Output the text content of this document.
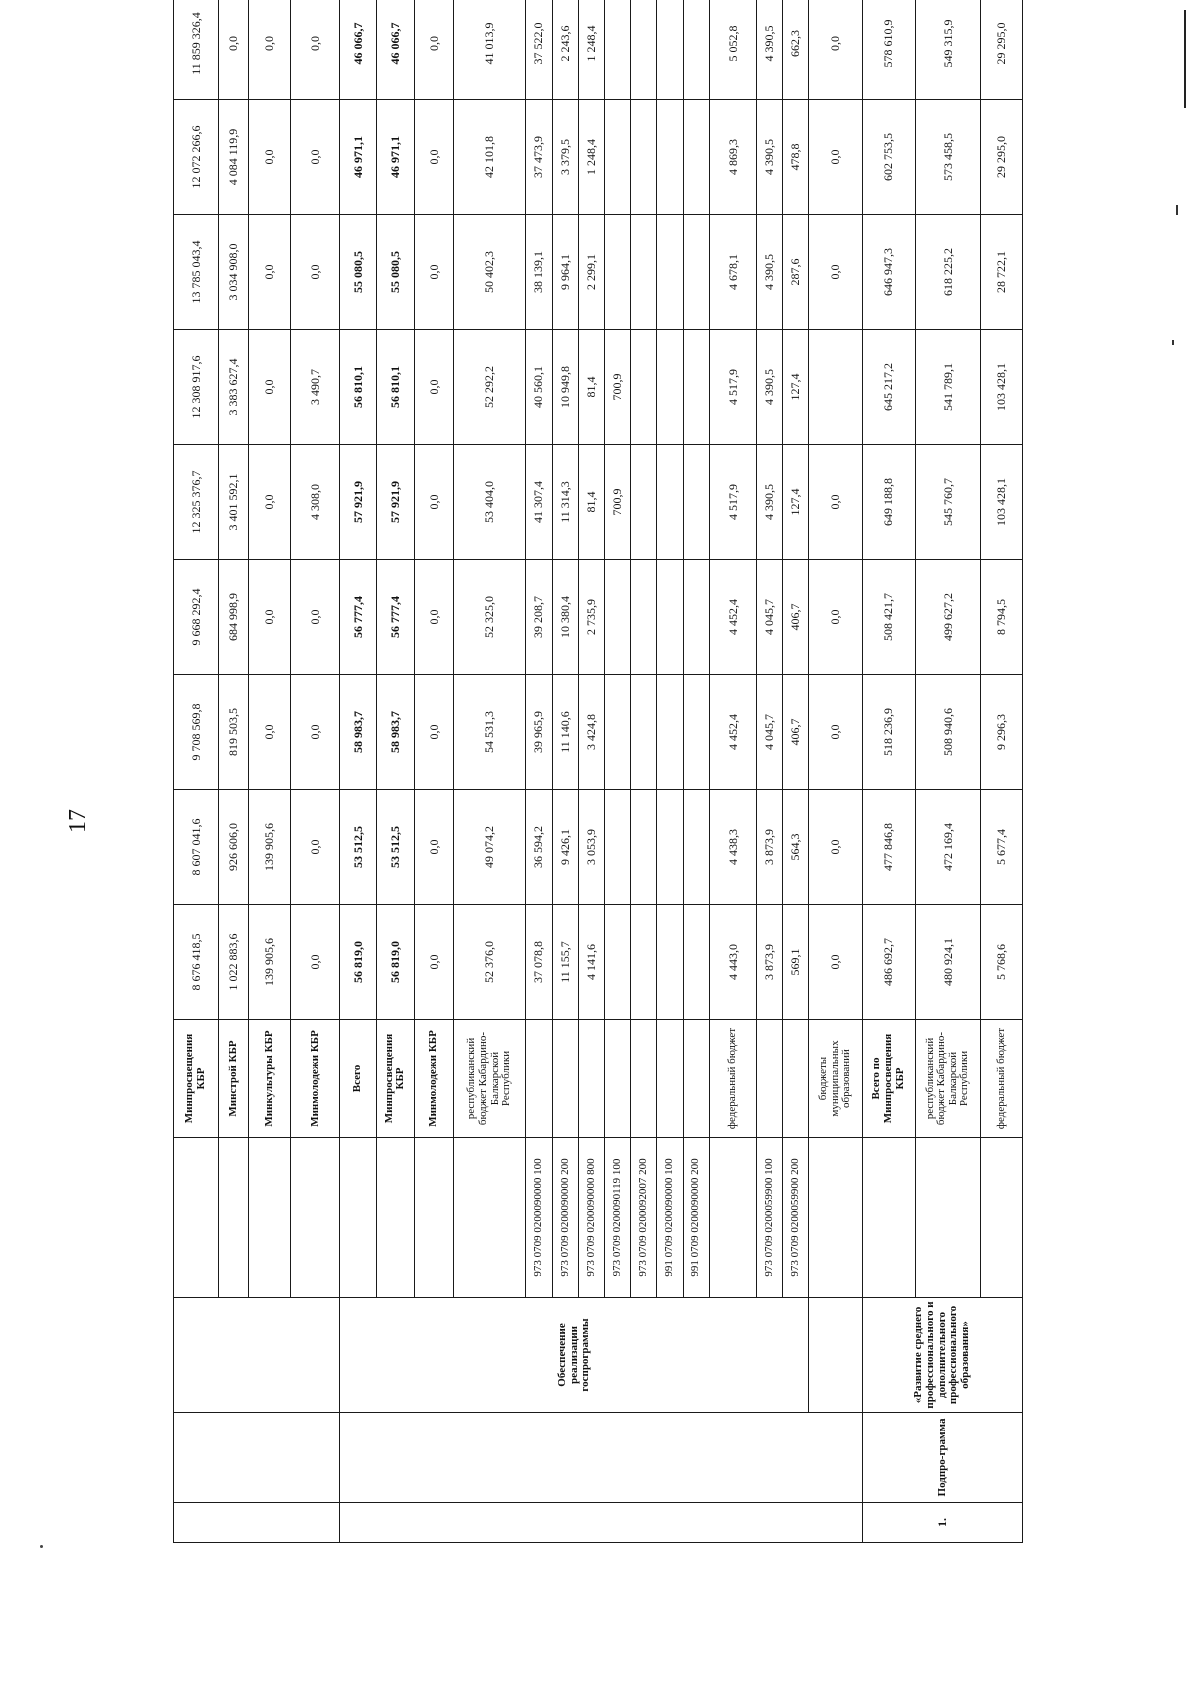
17
				Минпросвещения КБР	8 676 418,5	8 607 041,6	9 708 569,8	9 668 292,4	12 325 376,7	12 308 917,6	13 785 043,4	12 072 266,6	11 859 326,4
				Минстрой КБР	1 022 883,6	926 606,0	819 503,5	684 998,9	3 401 592,1	3 383 627,4	3 034 908,0	4 084 119,9	0,0
				Минкультуры КБР	139 905,6	139 905,6	0,0	0,0	0,0	0,0	0,0	0,0	0,0
				Минмолодежи КБР	0,0	0,0	0,0	0,0	4 308,0	3 490,7	0,0	0,0	0,0
		Обеспечение реализации госпрограммы		Всего	56 819,0	53 512,5	58 983,7	56 777,4	57 921,9	56 810,1	55 080,5	46 971,1	46 066,7
				Минпросвещения КБР	56 819,0	53 512,5	58 983,7	56 777,4	57 921,9	56 810,1	55 080,5	46 971,1	46 066,7
				Минмолодежи КБР	0,0	0,0	0,0	0,0	0,0	0,0	0,0	0,0	0,0
				республиканский бюджет Кабардино-Балкарской Республики	52 376,0	49 074,2	54 531,3	52 325,0	53 404,0	52 292,2	50 402,3	42 101,8	41 013,9
			973 0709 0200090000 100		37 078,8	36 594,2	39 965,9	39 208,7	41 307,4	40 560,1	38 139,1	37 473,9	37 522,0
			973 0709 0200090000 200		11 155,7	9 426,1	11 140,6	10 380,4	11 314,3	10 949,8	9 964,1	3 379,5	2 243,6
			973 0709 0200090000 800		4 141,6	3 053,9	3 424,8	2 735,9	81,4	81,4	2 299,1	1 248,4	1 248,4
			973 0709 0200090119 100						700,9	700,9			
			973 0709 0200092007 200										
			991 0709 0200090000 100										
			991 0709 0200090000 200										
				федеральный бюджет	4 443,0	4 438,3	4 452,4	4 452,4	4 517,9	4 517,9	4 678,1	4 869,3	5 052,8
			973 0709 0200059900 100		3 873,9	3 873,9	4 045,7	4 045,7	4 390,5	4 390,5	4 390,5	4 390,5	4 390,5
			973 0709 0200059900 200		569,1	564,3	406,7	406,7	127,4	127,4	287,6	478,8	662,3
				бюджеты муниципальных образований	0,0	0,0	0,0	0,0	0,0		0,0	0,0	0,0
1.	Подпро-грамма	«Развитие среднего профессионального и дополнительного профессионального образования»		Всего по Минпросвещения КБР	486 692,7	477 846,8	518 236,9	508 421,7	649 188,8	645 217,2	646 947,3	602 753,5	578 610,9
				республиканский бюджет Кабардино-Балкарской Республики	480 924,1	472 169,4	508 940,6	499 627,2	545 760,7	541 789,1	618 225,2	573 458,5	549 315,9
				федеральный бюджет	5 768,6	5 677,4	9 296,3	8 794,5	103 428,1	103 428,1	28 722,1	29 295,0	29 295,0
